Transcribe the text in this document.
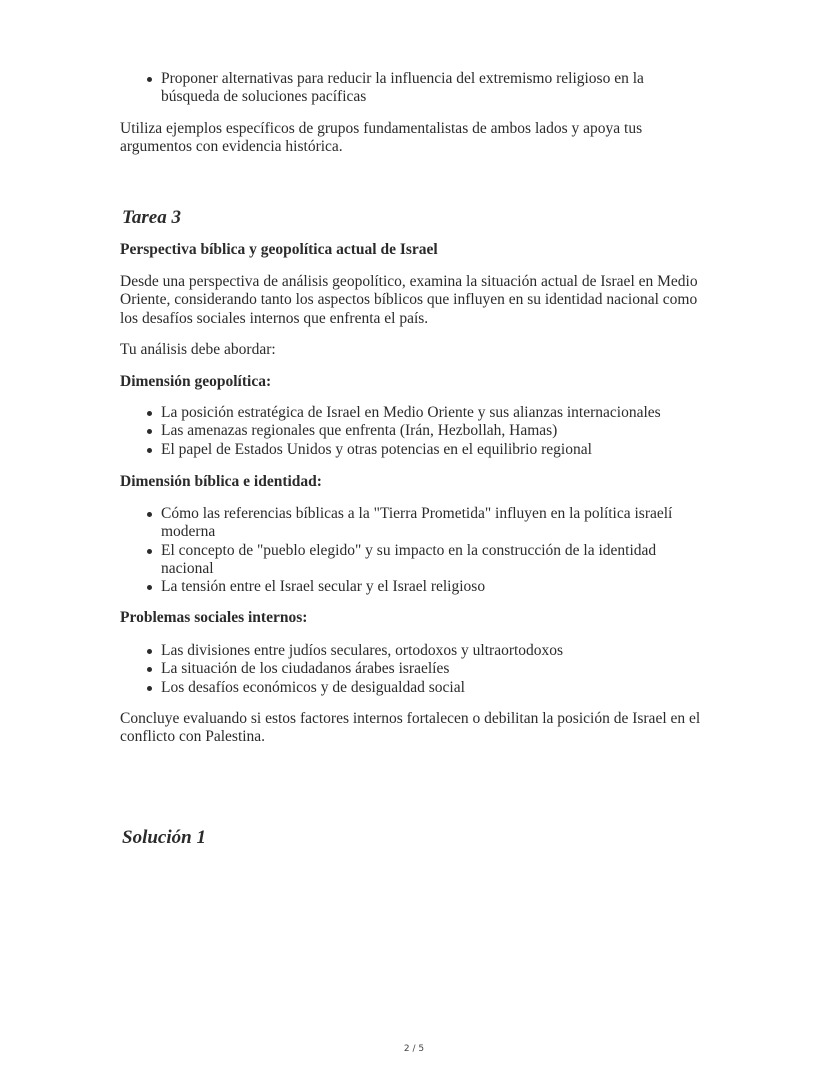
Proponer alternativas para reducir la influencia del extremismo religioso en la búsqueda de soluciones pacíficas

Utiliza ejemplos específicos de grupos fundamentalistas de ambos lados y apoya tus argumentos con evidencia histórica.

Tarea 3

Perspectiva bíblica y geopolítica actual de Israel

Desde una perspectiva de análisis geopolítico, examina la situación actual de Israel en Medio Oriente, considerando tanto los aspectos bíblicos que influyen en su identidad nacional como los desafíos sociales internos que enfrenta el país.

Tu análisis debe abordar:

Dimensión geopolítica:

La posición estratégica de Israel en Medio Oriente y sus alianzas internacionales
Las amenazas regionales que enfrenta (Irán, Hezbollah, Hamas)
El papel de Estados Unidos y otras potencias en el equilibrio regional

Dimensión bíblica e identidad:

Cómo las referencias bíblicas a la "Tierra Prometida" influyen en la política israelí moderna
El concepto de "pueblo elegido" y su impacto en la construcción de la identidad nacional
La tensión entre el Israel secular y el Israel religioso

Problemas sociales internos:

Las divisiones entre judíos seculares, ortodoxos y ultraortodoxos
La situación de los ciudadanos árabes israelíes
Los desafíos económicos y de desigualdad social

Concluye evaluando si estos factores internos fortalecen o debilitan la posición de Israel en el conflicto con Palestina.

Solución 1
2 / 5
